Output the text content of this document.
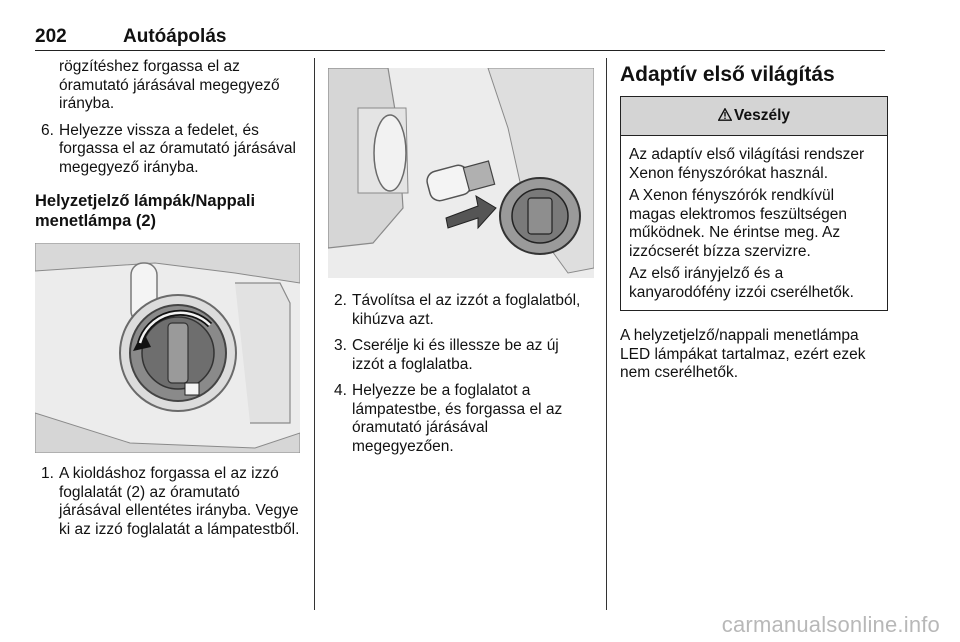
202	Autóápolás

rögzítéshez forgassa el az óramutató járásával megegyező irányba.

6. Helyezze vissza a fedelet, és forgassa el az óramutató járásával megegyező irányba.
Helyzetjelző lámpák/Nappali menetlámpa (2)
1. A kioldáshoz forgassa el az izzó foglalatát (2) az óramutató járásával ellentétes irányba. Vegye ki az izzó foglalatát a lámpatestből.
2. Távolítsa el az izzót a foglalatból, kihúzva azt.
3. Cserélje ki és illessze be az új izzót a foglalatba.
4. Helyezze be a foglalatot a lámpatestbe, és forgassa el az óramutató járásával megegyezően.
Adaptív első világítás
Veszély

Az adaptív első világítási rendszer Xenon fényszórókat használ.

A Xenon fényszórók rendkívül magas elektromos feszültségen működnek. Ne érintse meg. Az izzócserét bízza szervizre.

Az első irányjelző és a kanyarodófény izzói cserélhetők.

A helyzetjelző/nappali menetlámpa LED lámpákat tartalmaz, ezért ezek nem cserélhetők.

carmanualsonline.info
